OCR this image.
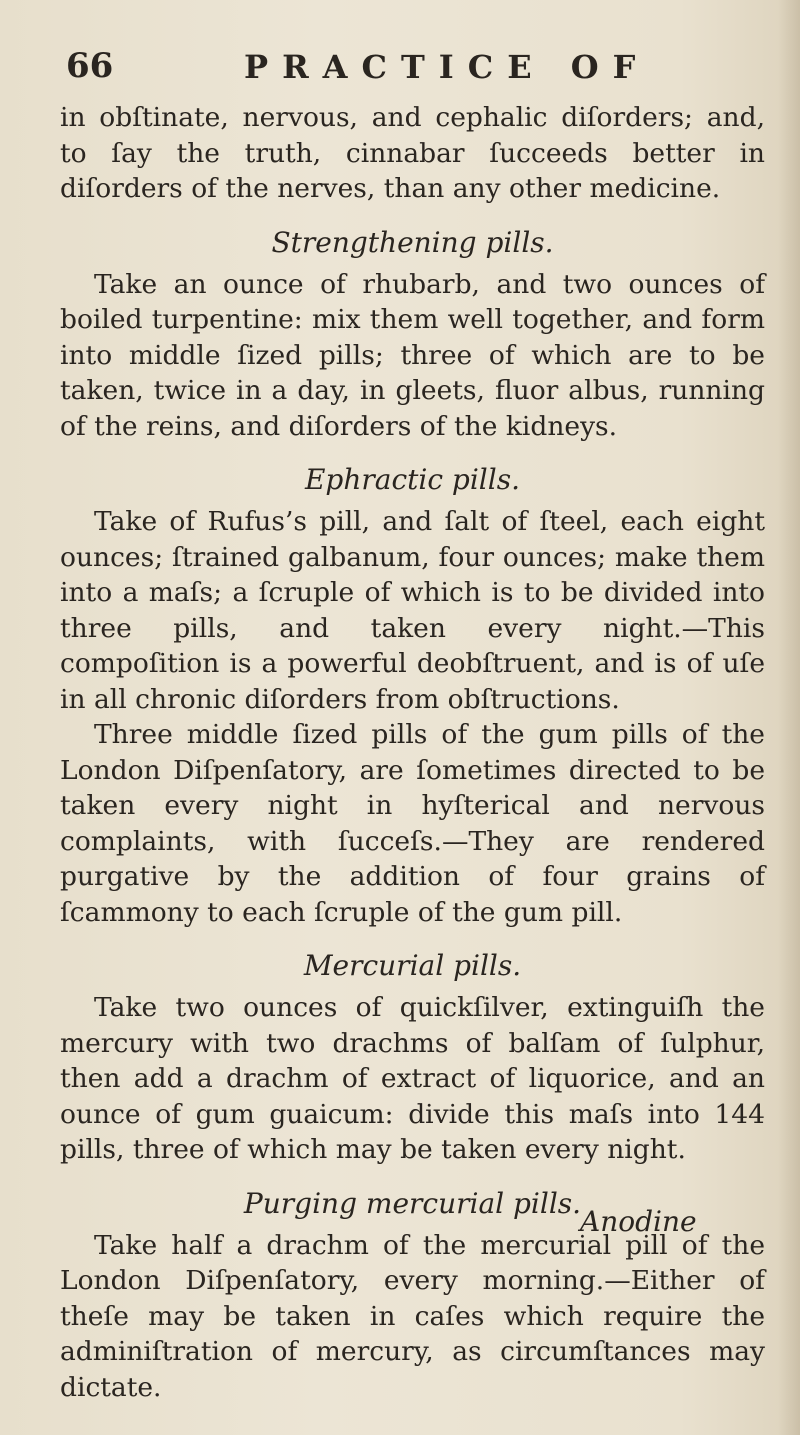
66	PRACTICE OF

in obſtinate, nervous, and cephalic diſorders; and, to ſay the truth, cinnabar ſucceeds better in diſorders of the nerves, than any other medicine.

Strengthening pills.

Take an ounce of rhubarb, and two ounces of boiled turpentine: mix them well together, and form into middle ſized pills; three of which are to be taken, twice in a day, in gleets, fluor albus, running of the reins, and diſorders of the kidneys.

Ephractic pills.

Take of Rufus’s pill, and ſalt of ſteel, each eight ounces; ſtrained galbanum, four ounces; make them into a maſs; a ſcruple of which is to be divided into three pills, and taken every night.—This compoſition is a powerful deobſtruent, and is of uſe in all chronic diſorders from obſtructions.

Three middle ſized pills of the gum pills of the London Diſpenſatory, are ſometimes directed to be taken every night in hyſterical and nervous complaints, with ſucceſs.—They are rendered purgative by the addition of four grains of ſcammony to each ſcruple of the gum pill.

Mercurial pills.

Take two ounces of quickſilver, extinguiſh the mercury with two drachms of balſam of ſulphur, then add a drachm of extract of liquorice, and an ounce of gum guaicum: divide this maſs into 144 pills, three of which may be taken every night.

Purging mercurial pills.

Take half a drachm of the mercurial pill of the London Diſpenſatory, every morning.—Either of theſe may be taken in caſes which require the adminiſtration of mercury, as circumſtances may dictate.

Anodine
